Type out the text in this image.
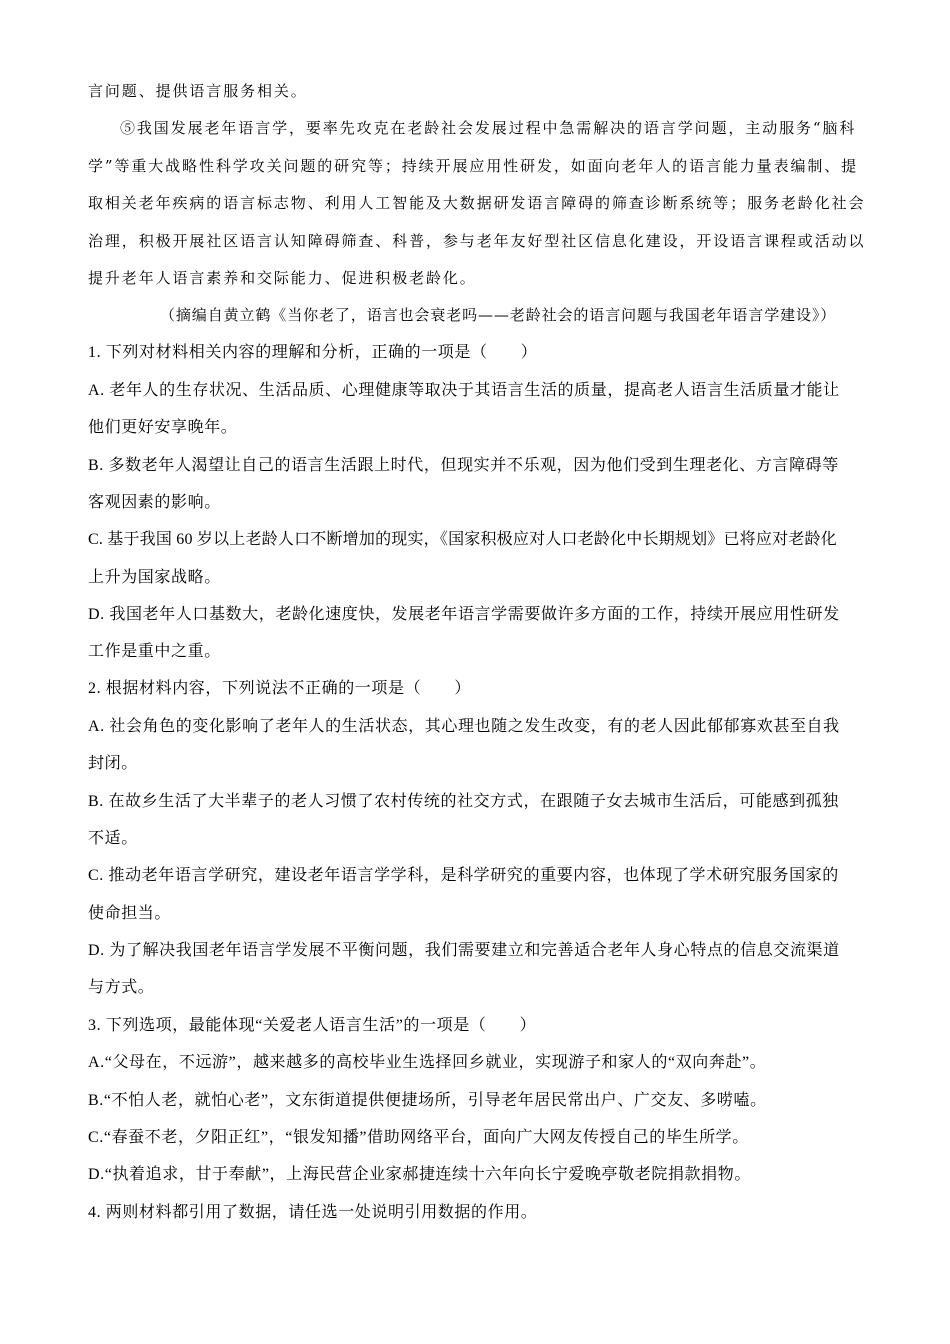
言问题、提供语言服务相关。
⑤我国发展老年语言学，要率先攻克在老龄社会发展过程中急需解决的语言学问题，主动服务“脑科
学”等重大战略性科学攻关问题的研究等；持续开展应用性研发，如面向老年人的语言能力量表编制、提
取相关老年疾病的语言标志物、利用人工智能及大数据研发语言障碍的筛查诊断系统等；服务老龄化社会
治理，积极开展社区语言认知障碍筛查、科普，参与老年友好型社区信息化建设，开设语言课程或活动以
提升老年人语言素养和交际能力、促进积极老龄化。
（摘编自黄立鹤《当你老了，语言也会衰老吗——老龄社会的语言问题与我国老年语言学建设》）
1. 下列对材料相关内容的理解和分析，正确的一项是（　　）
A. 老年人的生存状况、生活品质、心理健康等取决于其语言生活的质量，提高老人语言生活质量才能让
他们更好安享晚年。
B. 多数老年人渴望让自己的语言生活跟上时代，但现实并不乐观，因为他们受到生理老化、方言障碍等
客观因素的影响。
C. 基于我国 60 岁以上老龄人口不断增加的现实，《国家积极应对人口老龄化中长期规划》已将应对老龄化
上升为国家战略。
D. 我国老年人口基数大，老龄化速度快，发展老年语言学需要做许多方面的工作，持续开展应用性研发
工作是重中之重。
2. 根据材料内容，下列说法不正确的一项是（　　）
A. 社会角色的变化影响了老年人的生活状态，其心理也随之发生改变，有的老人因此郁郁寡欢甚至自我
封闭。
B. 在故乡生活了大半辈子的老人习惯了农村传统的社交方式，在跟随子女去城市生活后，可能感到孤独
不适。
C. 推动老年语言学研究，建设老年语言学学科，是科学研究的重要内容，也体现了学术研究服务国家的
使命担当。
D. 为了解决我国老年语言学发展不平衡问题，我们需要建立和完善适合老年人身心特点的信息交流渠道
与方式。
3. 下列选项，最能体现“关爱老人语言生活”的一项是（　　）
A.“父母在，不远游”，越来越多的高校毕业生选择回乡就业，实现游子和家人的“双向奔赴”。
B.“不怕人老，就怕心老”，文东街道提供便捷场所，引导老年居民常出户、广交友、多唠嗑。
C.“春蚕不老，夕阳正红”，“银发知播”借助网络平台，面向广大网友传授自己的毕生所学。
D.“执着追求，甘于奉献”，上海民营企业家郝捷连续十六年向长宁爱晚亭敬老院捐款捐物。
4. 两则材料都引用了数据，请任选一处说明引用数据的作用。
